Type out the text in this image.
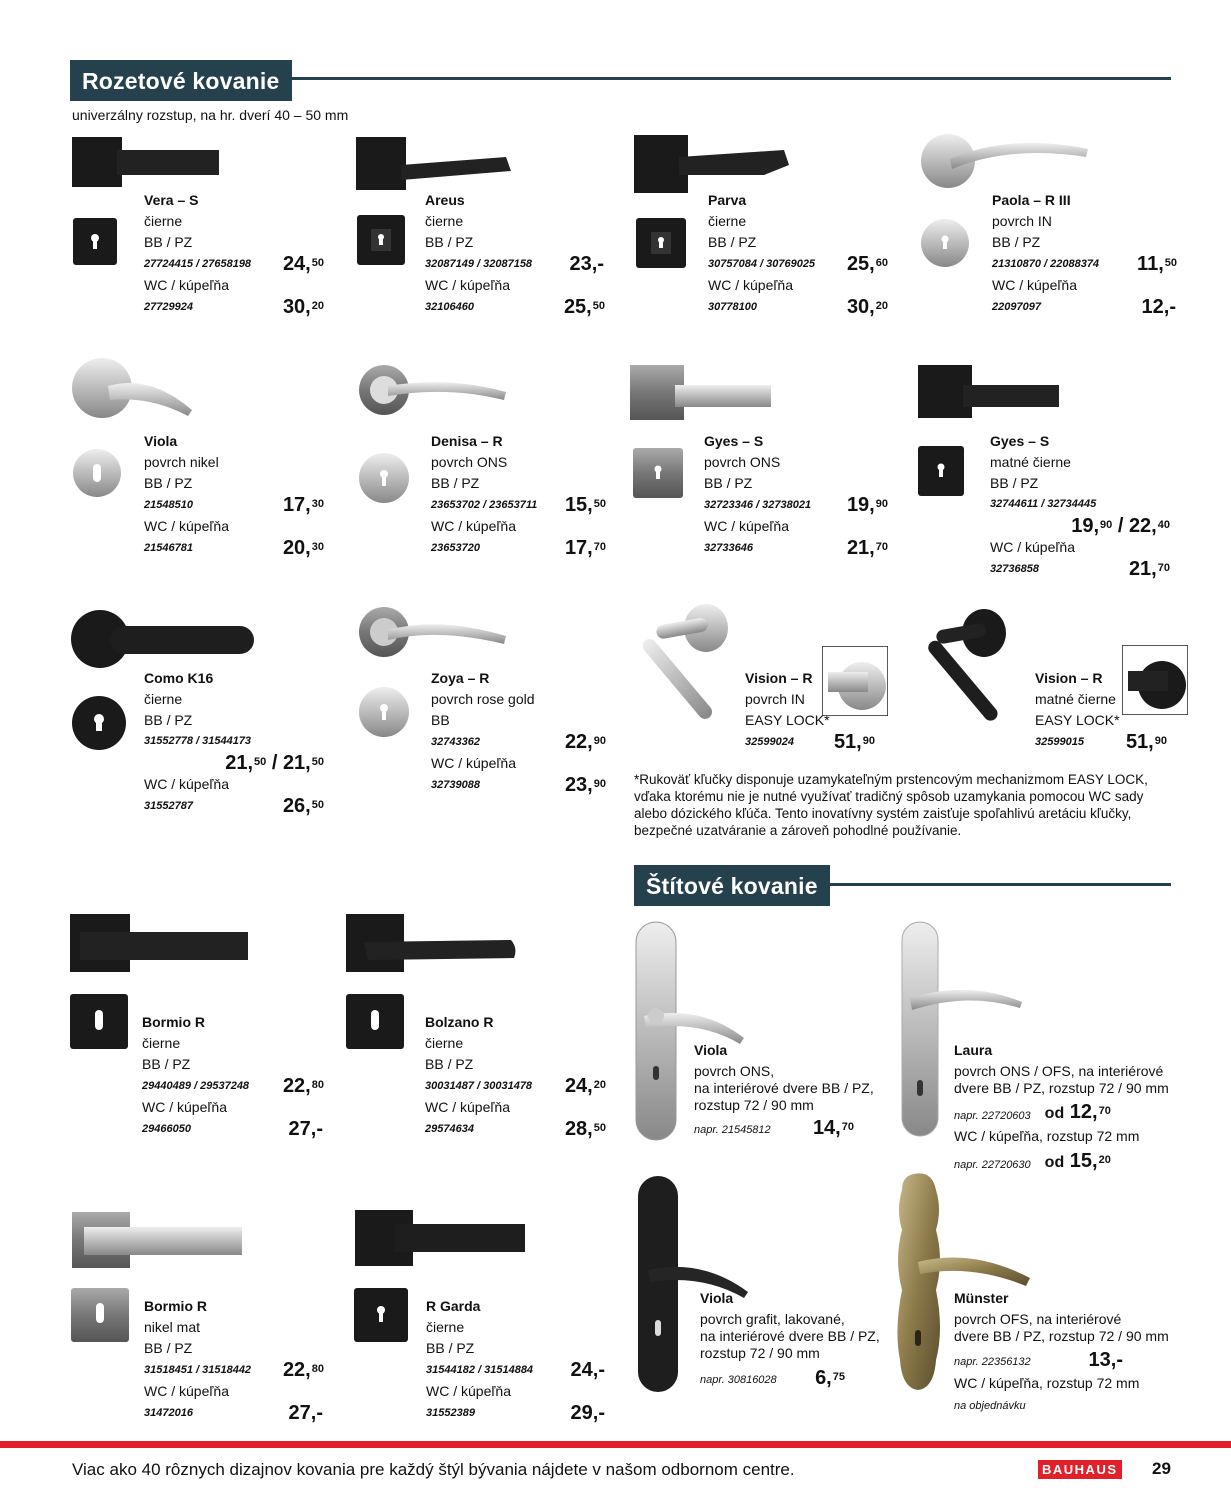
Rozetové kovanie
univerzálny rozstup, na hr. dverí 40 – 50 mm
Vera – S
čierne
BB / PZ
27724415 / 27658198 24,50
WC / kúpeľňa
27729924	30,20
Areus
čierne
BB / PZ
32087149 / 32087158 23,-
WC / kúpeľňa
32106460	25,50
Parva
čierne
BB / PZ
30757084 / 30769025 25,60
WC / kúpeľňa
30778100	30,20
Paola – R III
povrch IN
BB / PZ
21310870 / 22088374 11,50
WC / kúpeľňa
22097097	12,-
Viola
povrch nikel
BB / PZ
21548510	17,30
WC / kúpeľňa
21546781	20,30
Denisa – R
povrch ONS
BB / PZ
23653702 / 23653711 15,50
WC / kúpeľňa
23653720	17,70
Gyes – S
povrch ONS
BB / PZ
32723346 / 32738021 19,90
WC / kúpeľňa
32733646	21,70
Gyes – S
matné čierne
BB / PZ
32744611 / 32734445
19,90 / 22,40
WC / kúpeľňa
32736858	21,70
Como K16
čierne
BB / PZ
31552778 / 31544173
21,50 / 21,50
WC / kúpeľňa
31552787	26,50
Zoya – R
povrch rose gold
BB
32743362	22,90
WC / kúpeľňa
32739088	23,90
Vision – R
povrch IN
EASY LOCK*
32599024 51,90
Vision – R
matné čierne
EASY LOCK*
32599015 51,90
*Rukoväť kľučky disponuje uzamykateľným prstencovým mechanizmom EASY LOCK, vďaka ktorému nie je nutné využívať tradičný spôsob uzamykania pomocou WC sady alebo dózického kľúča. Tento inovatívny systém zaisťuje spoľahlivú aretáciu kľučky, bezpečné uzatváranie a zároveň pohodlné používanie.
Štítové kovanie
Bormio R
čierne
BB / PZ
29440489 / 29537248 22,80
WC / kúpeľňa
29466050	27,-
Bolzano R
čierne
BB / PZ
30031487 / 30031478 24,20
WC / kúpeľňa
29574634	28,50
Bormio R
nikel mat
BB / PZ
31518451 / 31518442 22,80
WC / kúpeľňa
31472016	27,-
R Garda
čierne
BB / PZ
31544182 / 31514884 24,-
WC / kúpeľňa
31552389	29,-
Viola
povrch ONS,
na interiérové dvere BB / PZ,
rozstup 72 / 90 mm
napr. 21545812 14,70
Laura
povrch ONS / OFS, na interiérové
dvere BB / PZ, rozstup 72 / 90 mm
napr. 22720603 od 12,70
WC / kúpeľňa, rozstup 72 mm
napr. 22720630 od 15,20
Viola
povrch grafit, lakované,
na interiérové dvere BB / PZ,
rozstup 72 / 90 mm
napr. 30816028 6,75
Münster
povrch OFS, na interiérové
dvere BB / PZ, rozstup 72 / 90 mm
napr. 22356132	13,-
WC / kúpeľňa, rozstup 72 mm
na objednávku
Viac ako 40 rôznych dizajnov kovania pre každý štýl bývania nájdete v našom odbornom centre.	BAUHAUS 29
